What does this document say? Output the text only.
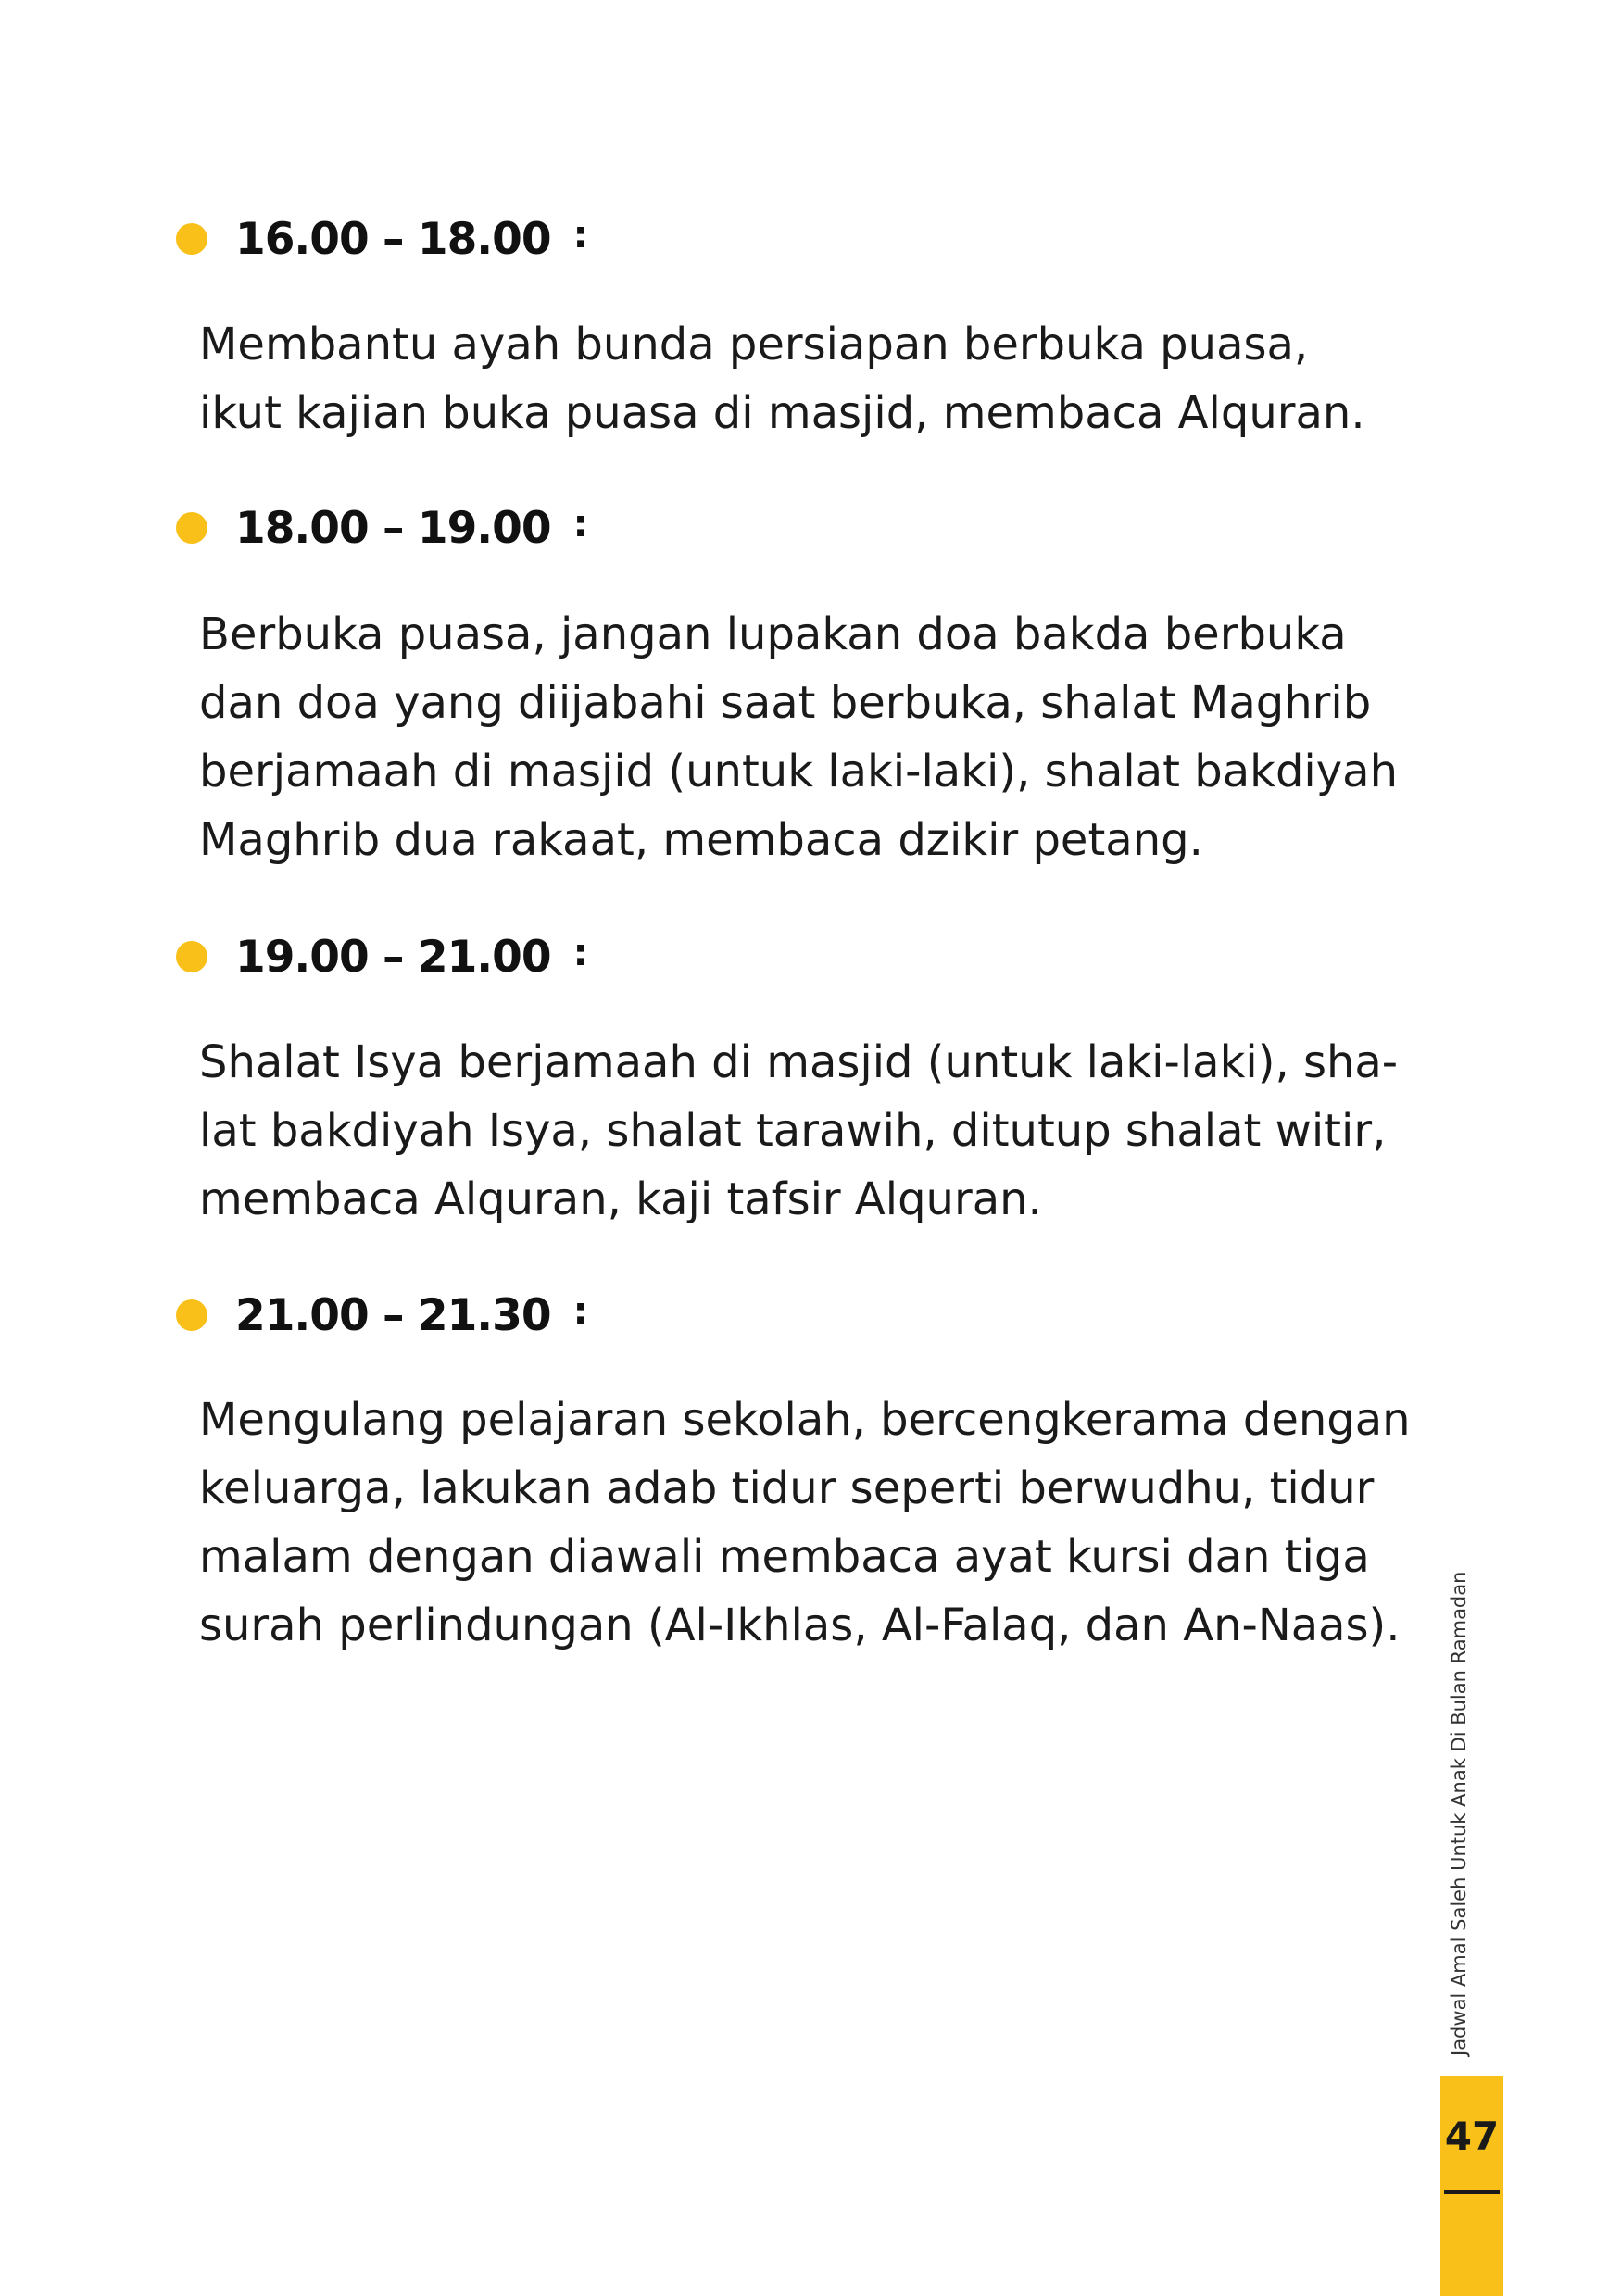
16.00 – 18.00 :
Membantu ayah bunda persiapan berbuka puasa,
ikut kajian buka puasa di masjid, membaca Alquran.
18.00 – 19.00 :
Berbuka puasa, jangan lupakan doa bakda berbuka
dan doa yang diijabahi saat berbuka, shalat Maghrib
berjamaah di masjid (untuk laki-laki), shalat bakdiyah
Maghrib dua rakaat, membaca dzikir petang.
19.00 – 21.00 :
Shalat Isya berjamaah di masjid (untuk laki-laki), sha-
lat bakdiyah Isya, shalat tarawih, ditutup shalat witir,
membaca Alquran, kaji tafsir Alquran.
21.00 – 21.30 :
Mengulang pelajaran sekolah, bercengkerama dengan
keluarga, lakukan adab tidur seperti berwudhu, tidur
malam dengan diawali membaca ayat kursi dan tiga
surah perlindungan (Al-Ikhlas, Al-Falaq, dan An-Naas). Jadwal Amal Saleh Untuk Anak Di Bulan Ramadan
47
